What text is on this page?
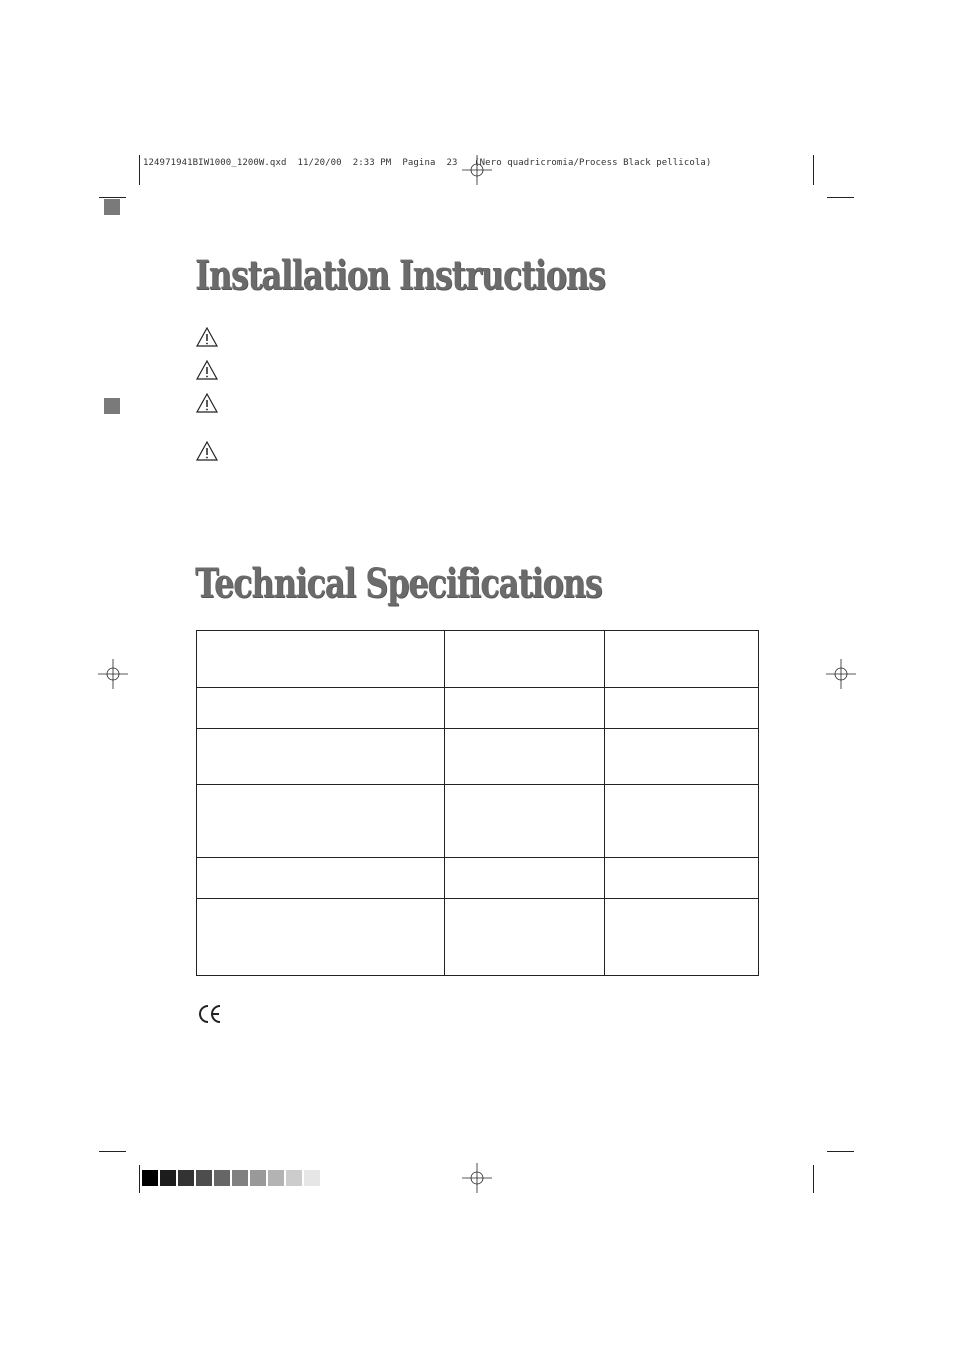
124971941BIW1000_1200W.qxd  11/20/00  2:33 PM  Pagina  23 (Nero quadricromia/Process Black pellicola)
Installation Instructions
Technical Specifications
